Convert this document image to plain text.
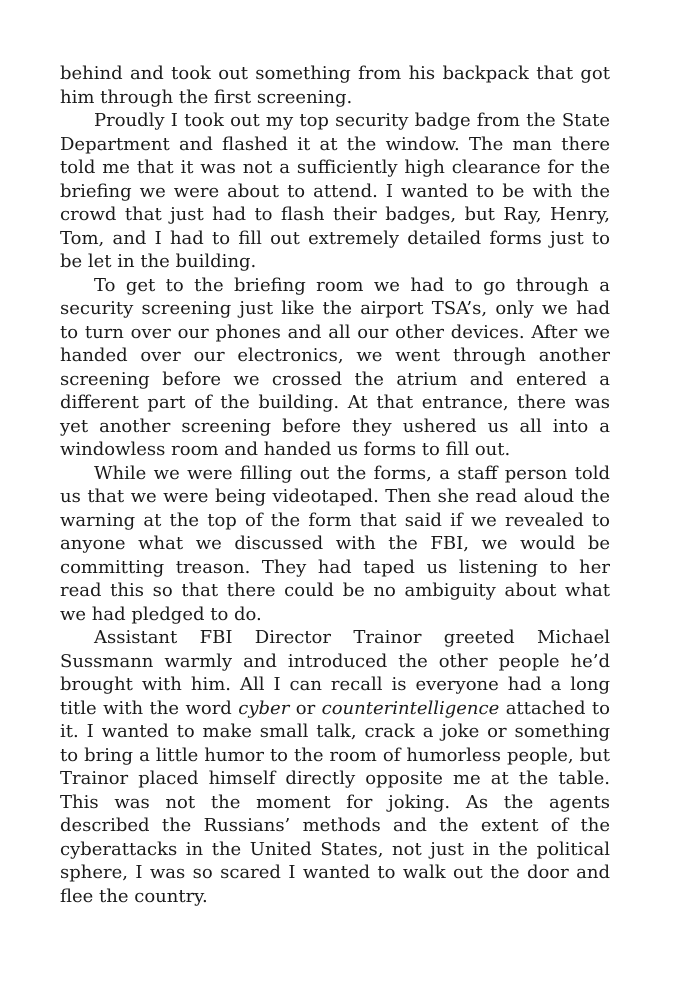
behind and took out something from his backpack that got him through the first screening.

Proudly I took out my top security badge from the State Department and flashed it at the window. The man there told me that it was not a sufficiently high clearance for the briefing we were about to attend. I wanted to be with the crowd that just had to flash their badges, but Ray, Henry, Tom, and I had to fill out extremely detailed forms just to be let in the building.

To get to the briefing room we had to go through a security screening just like the airport TSA’s, only we had to turn over our phones and all our other devices. After we handed over our electronics, we went through another screening before we crossed the atrium and entered a different part of the building. At that entrance, there was yet another screening before they ushered us all into a windowless room and handed us forms to fill out.

While we were filling out the forms, a staff person told us that we were being videotaped. Then she read aloud the warning at the top of the form that said if we revealed to anyone what we discussed with the FBI, we would be committing treason. They had taped us listening to her read this so that there could be no ambiguity about what we had pledged to do.

Assistant FBI Director Trainor greeted Michael Sussmann warmly and introduced the other people he’d brought with him. All I can recall is everyone had a long title with the word cyber or counterintelligence attached to it. I wanted to make small talk, crack a joke or something to bring a little humor to the room of humorless people, but Trainor placed himself directly opposite me at the table. This was not the moment for joking. As the agents described the Russians’ methods and the extent of the cyberattacks in the United States, not just in the political sphere, I was so scared I wanted to walk out the door and flee the country.
